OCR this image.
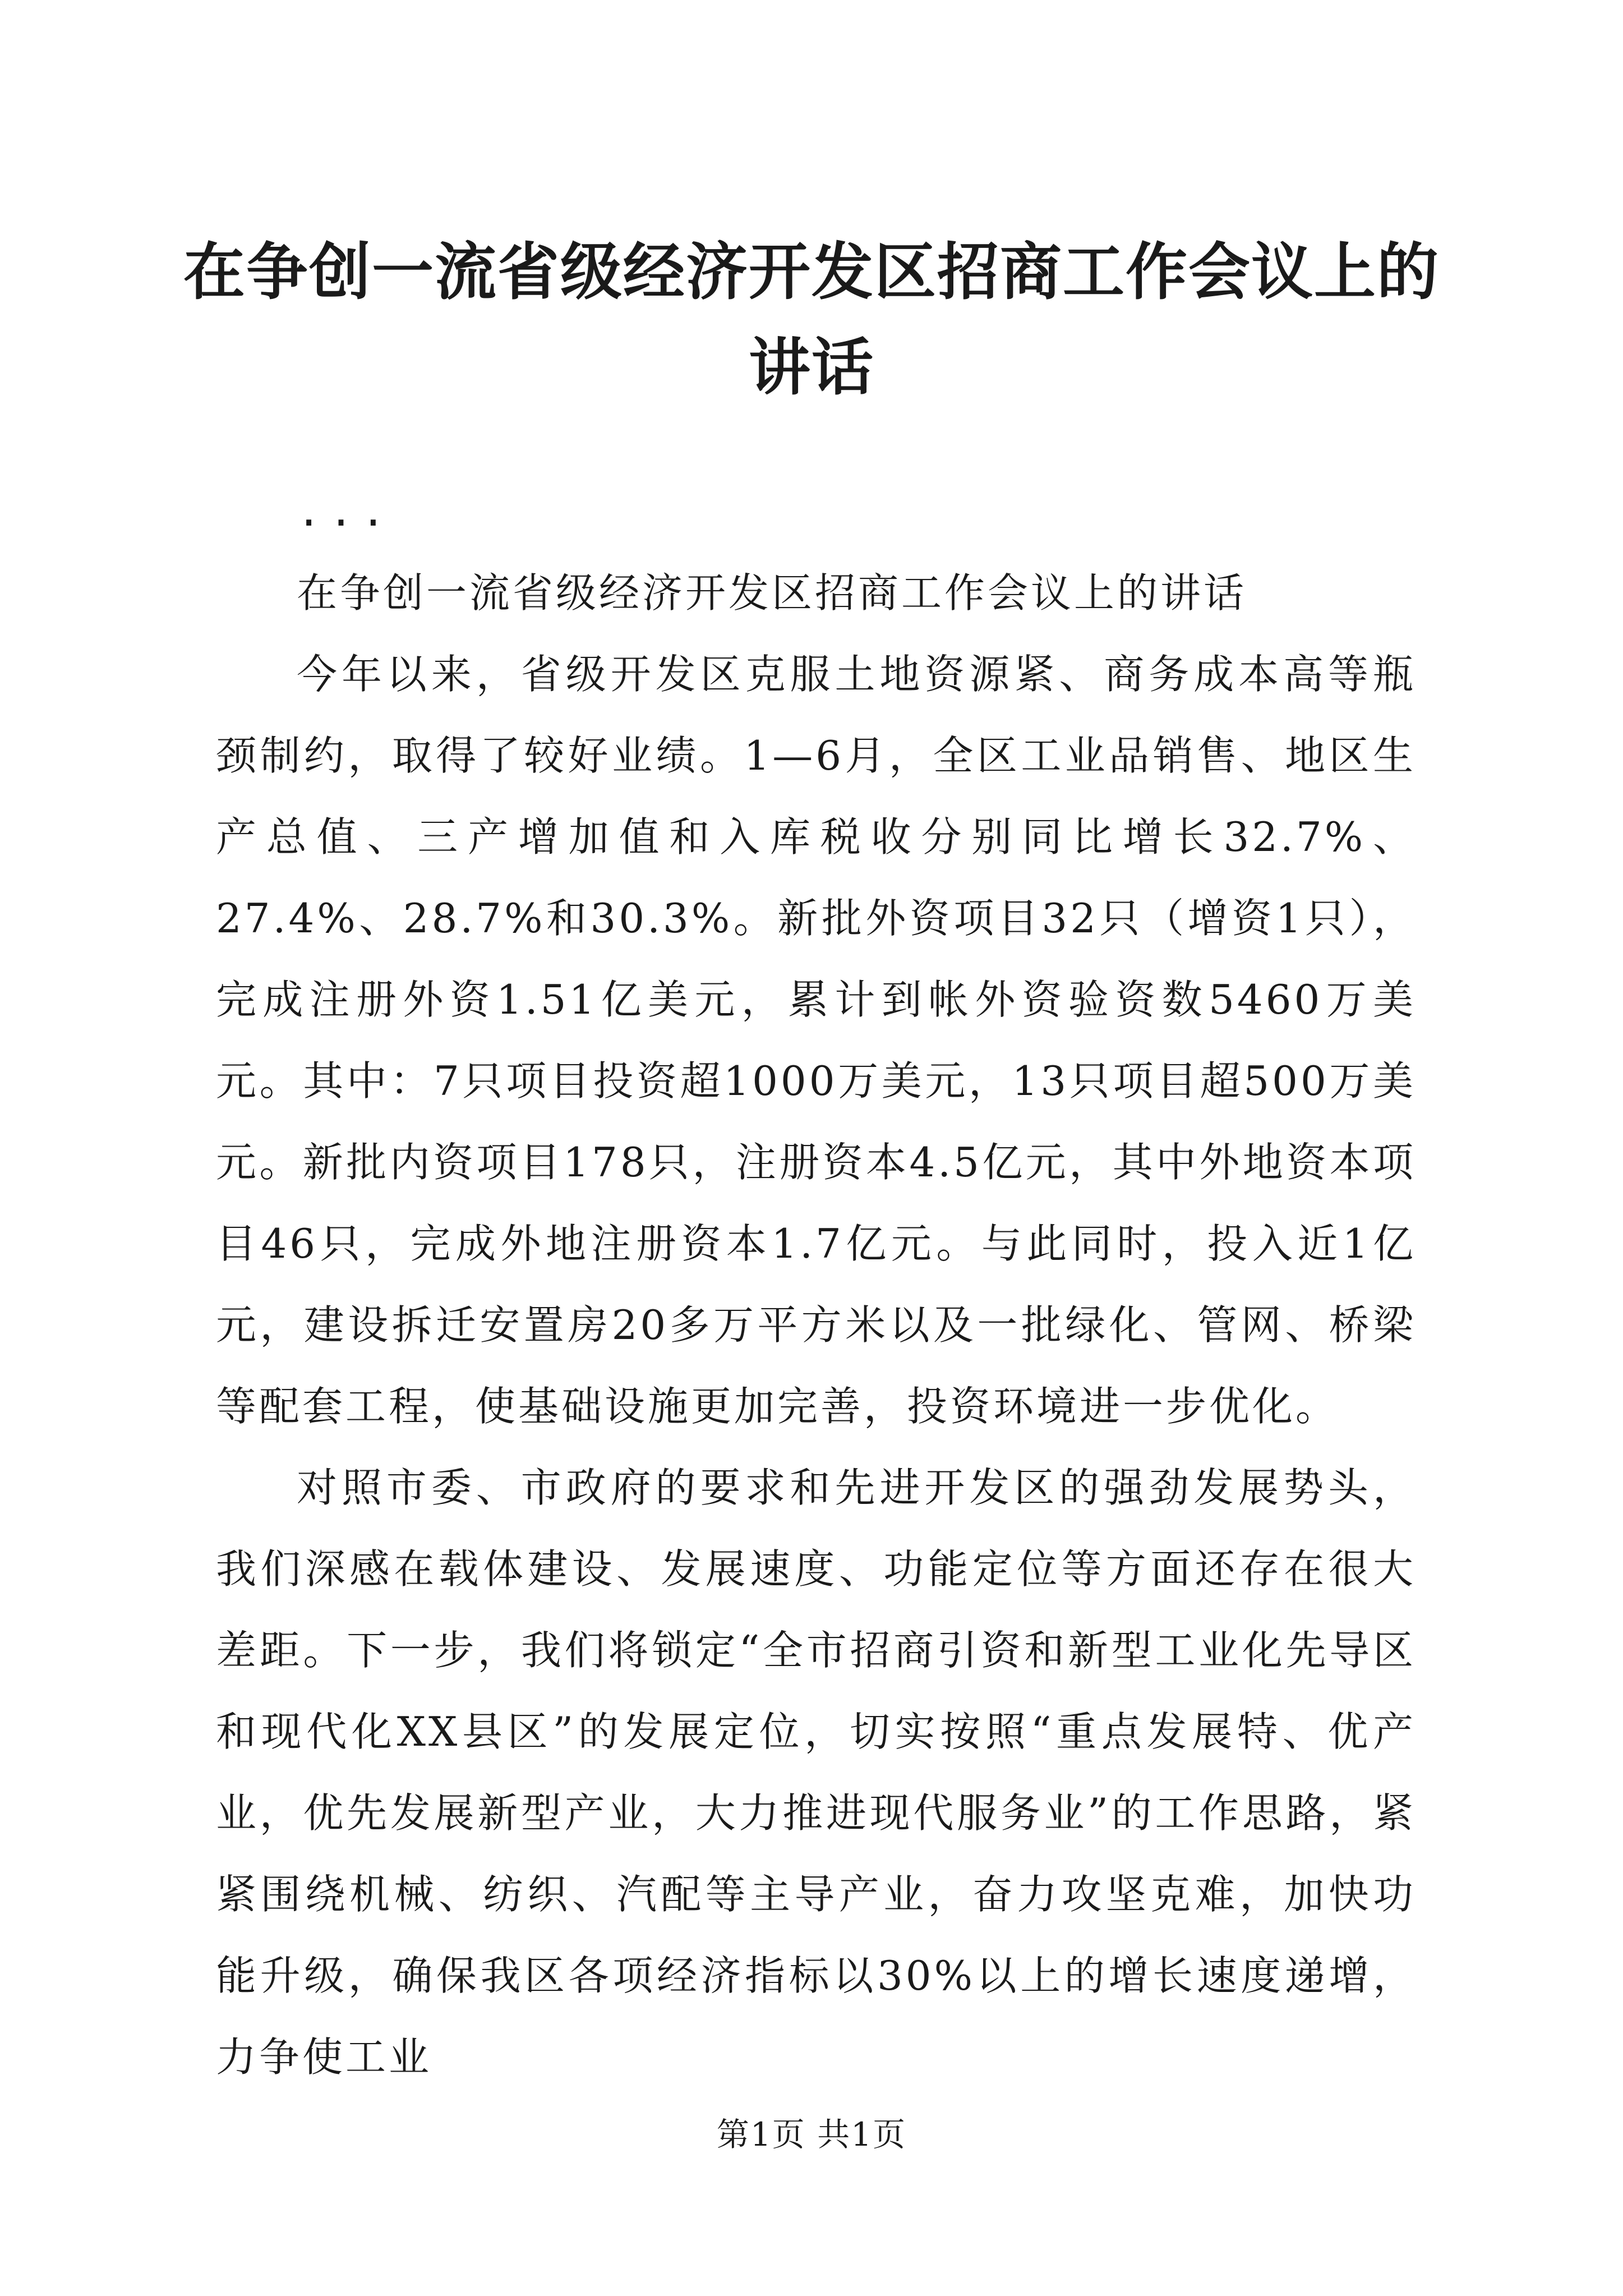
在争创一流省级经济开发区招商工作会议上的讲话

...

在争创一流省级经济开发区招商工作会议上的讲话

今年以来，省级开发区克服土地资源紧、商务成本高等瓶颈制约，取得了较好业绩。1—6月，全区工业品销售、地区生产总值、三产增加值和入库税收分别同比增长32.7%、27.4%、28.7%和30.3%。新批外资项目32只（增资1只），完成注册外资1.51亿美元，累计到帐外资验资数5460万美元。其中：7只项目投资超1000万美元，13只项目超500万美元。新批内资项目178只，注册资本4.5亿元，其中外地资本项目46只，完成外地注册资本1.7亿元。与此同时，投入近1亿元，建设拆迁安置房20多万平方米以及一批绿化、管网、桥梁等配套工程，使基础设施更加完善，投资环境进一步优化。

对照市委、市政府的要求和先进开发区的强劲发展势头，我们深感在载体建设、发展速度、功能定位等方面还存在很大差距。下一步，我们将锁定“全市招商引资和新型工业化先导区和现代化XX县区”的发展定位，切实按照“重点发展特、优产业，优先发展新型产业，大力推进现代服务业”的工作思路，紧紧围绕机械、纺织、汽配等主导产业，奋力攻坚克难，加快功能升级，确保我区各项经济指标以30%以上的增长速度递增，力争使工业

第1页 共1页
